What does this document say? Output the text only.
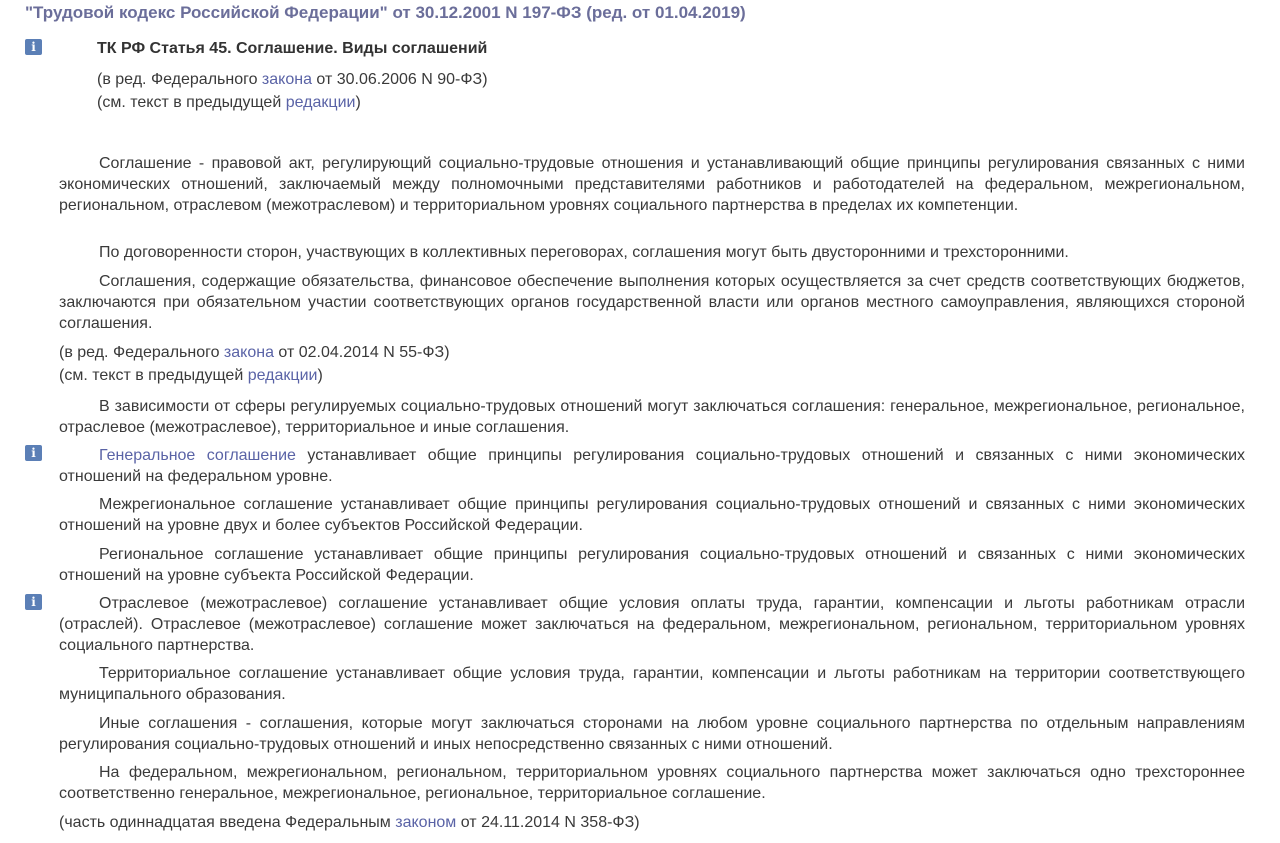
"Трудовой кодекс Российской Федерации" от 30.12.2001 N 197-ФЗ (ред. от 01.04.2019)
i	ТК РФ Статья 45. Соглашение. Виды соглашений
(в ред. Федерального закона от 30.06.2006 N 90-ФЗ)
(см. текст в предыдущей редакции)

Соглашение - правовой акт, регулирующий социально-трудовые отношения и устанавливающий общие принципы регулирования связанных с ними экономических отношений, заключаемый между полномочными представителями работников и работодателей на федеральном, межрегиональном, региональном, отраслевом (межотраслевом) и территориальном уровнях социального партнерства в пределах их компетенции.

По договоренности сторон, участвующих в коллективных переговорах, соглашения могут быть двусторонними и трехсторонними.

Соглашения, содержащие обязательства, финансовое обеспечение выполнения которых осуществляется за счет средств соответствующих бюджетов, заключаются при обязательном участии соответствующих органов государственной власти или органов местного самоуправления, являющихся стороной соглашения.

(в ред. Федерального закона от 02.04.2014 N 55-ФЗ)
(см. текст в предыдущей редакции)

В зависимости от сферы регулируемых социально-трудовых отношений могут заключаться соглашения: генеральное, межрегиональное, региональное, отраслевое (межотраслевое), территориальное и иные соглашения.

i	Генеральное соглашение устанавливает общие принципы регулирования социально-трудовых отношений и связанных с ними экономических отношений на федеральном уровне.

Межрегиональное соглашение устанавливает общие принципы регулирования социально-трудовых отношений и связанных с ними экономических отношений на уровне двух и более субъектов Российской Федерации.

Региональное соглашение устанавливает общие принципы регулирования социально-трудовых отношений и связанных с ними экономических отношений на уровне субъекта Российской Федерации.

i	Отраслевое (межотраслевое) соглашение устанавливает общие условия оплаты труда, гарантии, компенсации и льготы работникам отрасли (отраслей). Отраслевое (межотраслевое) соглашение может заключаться на федеральном, межрегиональном, региональном, территориальном уровнях социального партнерства.

Территориальное соглашение устанавливает общие условия труда, гарантии, компенсации и льготы работникам на территории соответствующего муниципального образования.

Иные соглашения - соглашения, которые могут заключаться сторонами на любом уровне социального партнерства по отдельным направлениям регулирования социально-трудовых отношений и иных непосредственно связанных с ними отношений.

На федеральном, межрегиональном, региональном, территориальном уровнях социального партнерства может заключаться одно трехстороннее соответственно генеральное, межрегиональное, региональное, территориальное соглашение.

(часть одиннадцатая введена Федеральным законом от 24.11.2014 N 358-ФЗ)
